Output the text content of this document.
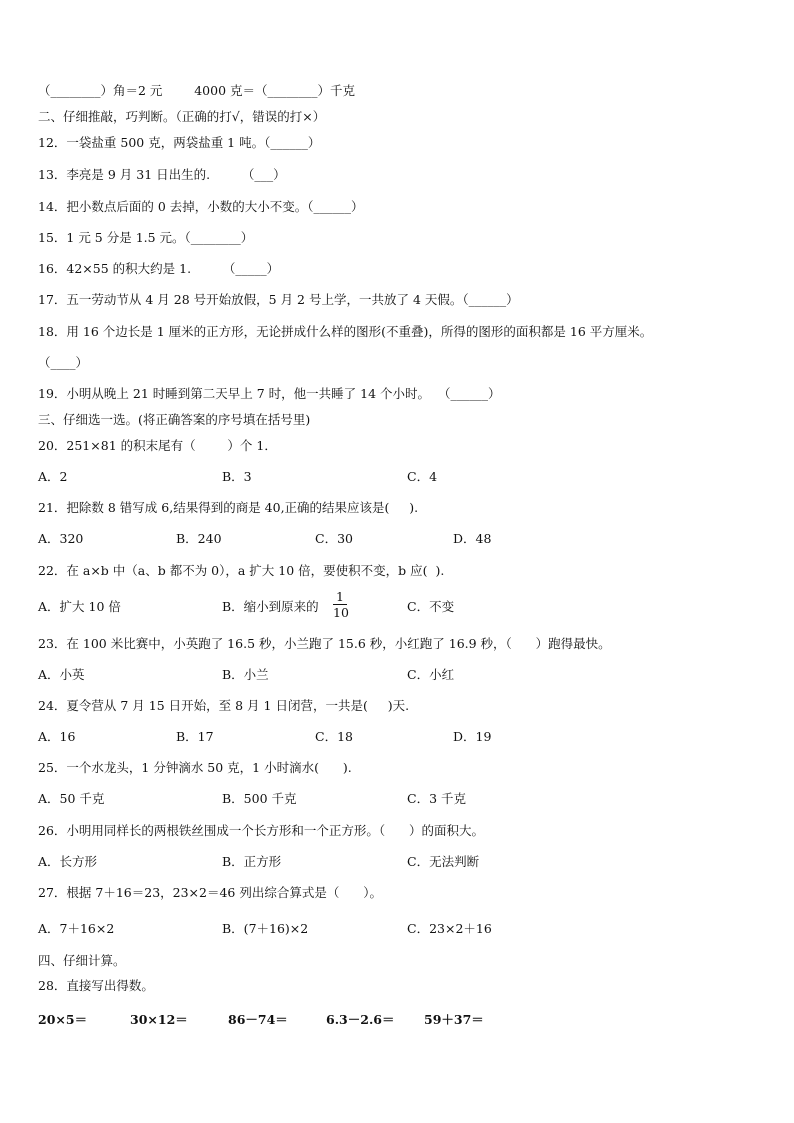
（________）角＝2 元        4000 克＝（________）千克
二、仔细推敲，巧判断。（正确的打√，错误的打×）
12．一袋盐重 500 克，两袋盐重 1 吨。（______）
13．李亮是 9 月 31 日出生的.        （___）
14．把小数点后面的 0 去掉，小数的大小不变。（______）
15．1 元 5 分是 1.5 元。（________）
16．42×55 的积大约是 1.        （_____）
17．五一劳动节从 4 月 28 号开始放假，5 月 2 号上学，一共放了 4 天假。（______）
18．用 16 个边长是 1 厘米的正方形，无论拼成什么样的图形(不重叠)，所得的图形的面积都是 16 平方厘米。
（____）
19．小明从晚上 21 时睡到第二天早上 7 时，他一共睡了 14 个小时。  （______）
三、仔细选一选。(将正确答案的序号填在括号里)
20．251×81 的积末尾有（        ）个 1．
A．2	B．3	C．4
21．把除数 8 错写成 6,结果得到的商是 40,正确的结果应该是(     ).
A．320	B．240	C．30	D．48
22．在 a×b 中（a、b 都不为 0），a 扩大 10 倍，要使积不变，b 应(  ).
A．扩大 10 倍	B．缩小到原来的
1
10	C．不变
23．在 100 米比赛中，小英跑了 16.5 秒，小兰跑了 15.6 秒，小红跑了 16.9 秒，（      ）跑得最快。
A．小英	B．小兰	C．小红
24．夏令营从 7 月 15 日开始，至 8 月 1 日闭营，一共是(     )天.
A．16	B．17	C．18	D．19
25．一个水龙头，1 分钟滴水 50 克，1 小时滴水(      ).
A．50 千克	B．500 千克	C．3 千克
26．小明用同样长的两根铁丝围成一个长方形和一个正方形。（      ）的面积大。
A．长方形	B．正方形	C．无法判断
27．根据 7＋16＝23，23×2＝46 列出综合算式是（      ）。
A．7＋16×2	B．(7＋16)×2	C．23×2＋16
四、仔细计算。
28．直接写出得数。
20×5＝	30×12＝	86－74＝	6.3－2.6＝ 59＋37＝
